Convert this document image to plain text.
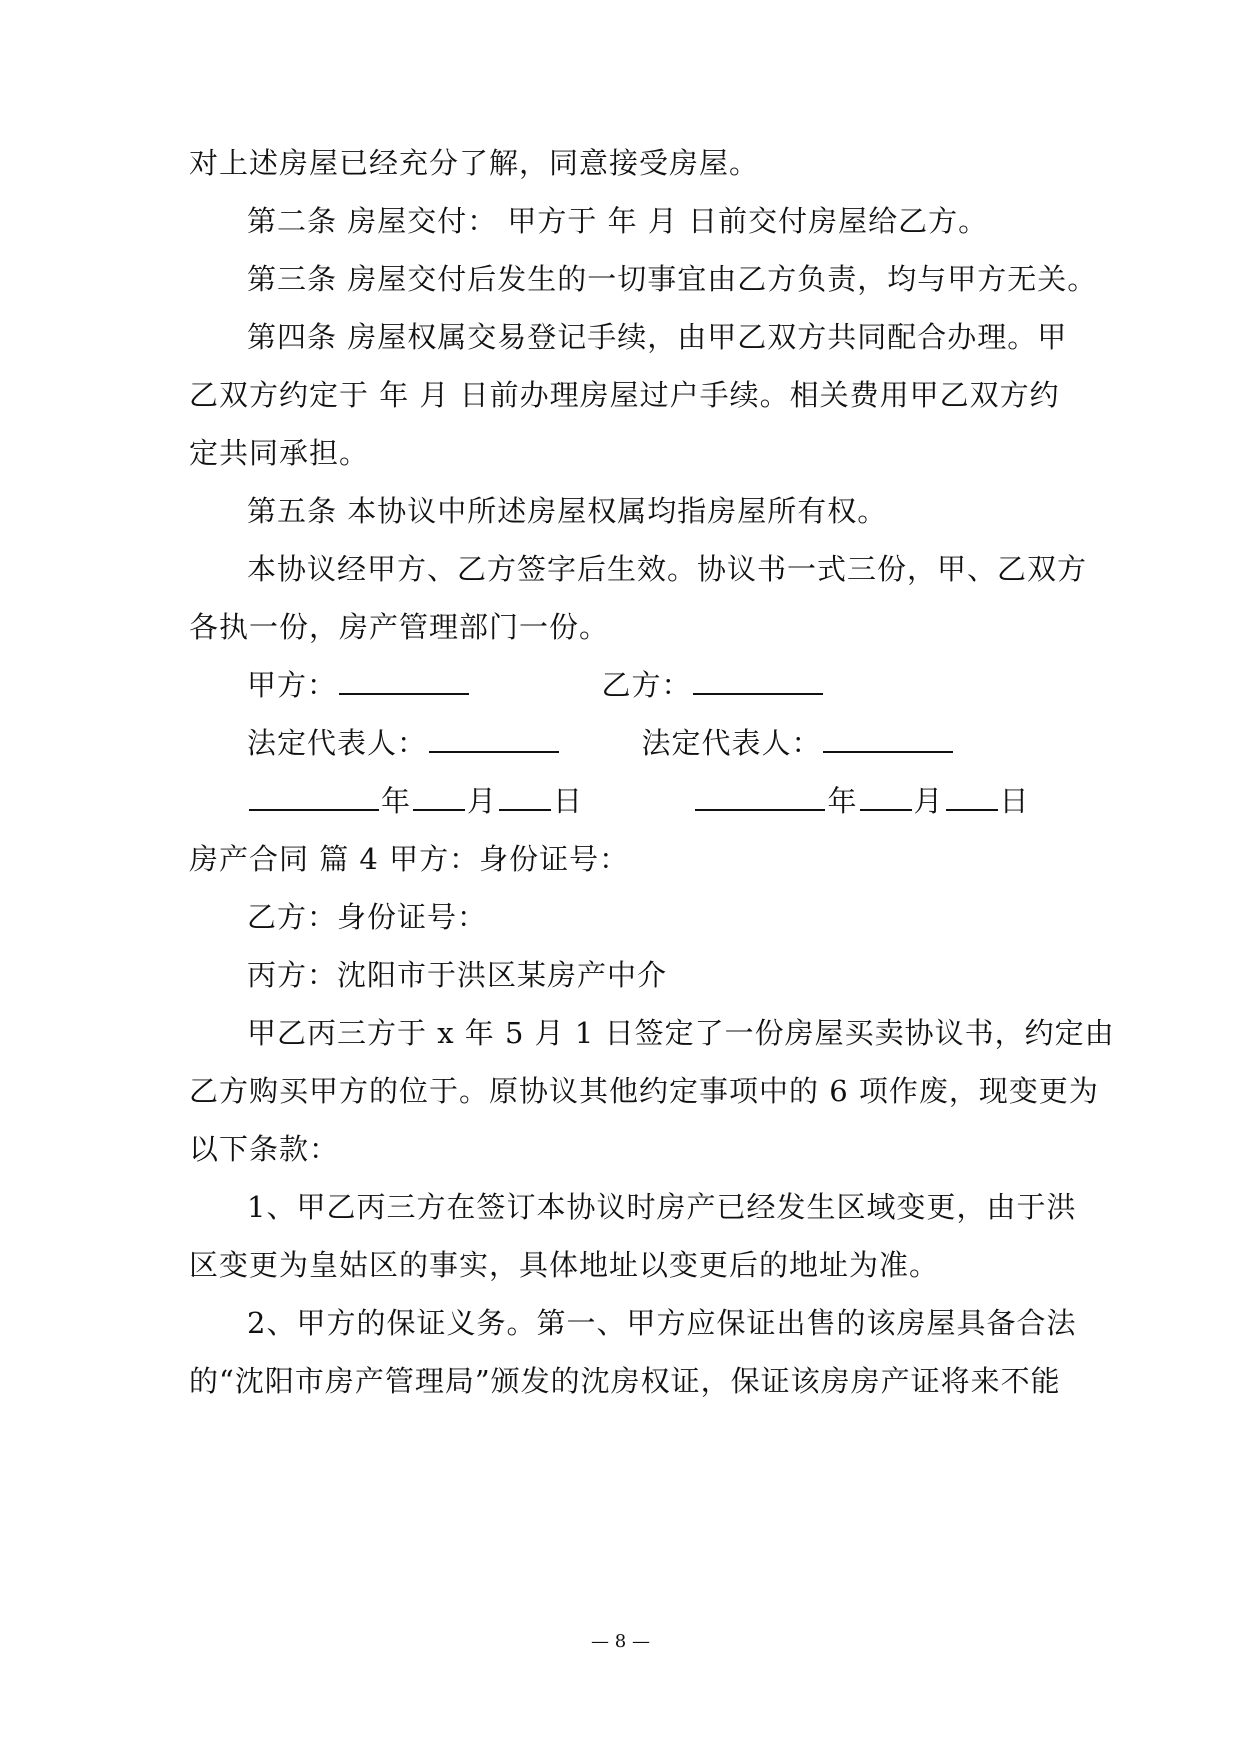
对上述房屋已经充分了解，同意接受房屋。

第二条 房屋交付： 甲方于 年 月 日前交付房屋给乙方。

第三条 房屋交付后发生的一切事宜由乙方负责，均与甲方无关。

第四条 房屋权属交易登记手续，由甲乙双方共同配合办理。甲

乙双方约定于 年 月 日前办理房屋过户手续。相关费用甲乙双方约

定共同承担。

第五条 本协议中所述房屋权属均指房屋所有权。

本协议经甲方、乙方签字后生效。协议书一式三份，甲、乙双方

各执一份，房产管理部门一份。

甲方：	乙方：
法定代表人：	法定代表人：
年 月 日	年 月 日

房产合同 篇 4 甲方：身份证号：

乙方：身份证号：

丙方：沈阳市于洪区某房产中介

甲乙丙三方于 x 年 5 月 1 日签定了一份房屋买卖协议书，约定由

乙方购买甲方的位于。原协议其他约定事项中的 6 项作废，现变更为

以下条款：

1、甲乙丙三方在签订本协议时房产已经发生区域变更，由于洪

区变更为皇姑区的事实，具体地址以变更后的地址为准。

2、甲方的保证义务。第一、甲方应保证出售的该房屋具备合法

的“沈阳市房产管理局”颁发的沈房权证，保证该房房产证将来不能

— 8 —
